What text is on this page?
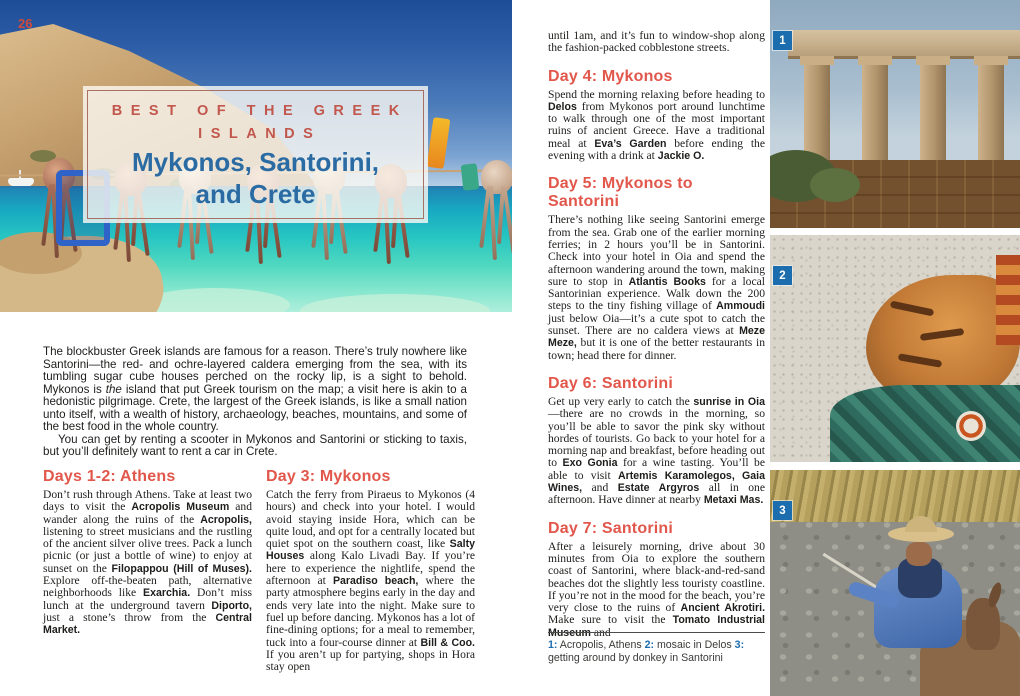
26
BEST OF THE GREEK
ISLANDS
Mykonos, Santorini,
and Crete

The blockbuster Greek islands are famous for a reason. There’s truly nowhere like Santorini—the red- and ochre-layered caldera emerging from the sea, with its tumbling sugar cube houses perched on the rocky lip, is a sight to behold. Mykonos is the island that put Greek tourism on the map; a visit here is akin to a hedonistic pilgrimage. Crete, the largest of the Greek islands, is like a small nation unto itself, with a wealth of history, archaeology, beaches, mountains, and some of the best food in the whole country.

You can get by renting a scooter in Mykonos and Santorini or sticking to taxis, but you’ll definitely want to rent a car in Crete.

Days 1-2: Athens

Don’t rush through Athens. Take at least two days to visit the Acropolis Museum and wander along the ruins of the Acropolis, listening to street musicians and the rustling of the ancient silver olive trees. Pack a lunch picnic (or just a bottle of wine) to enjoy at sunset on the Filopappou (Hill of Muses). Explore off-the-beaten path, alternative neighborhoods like Exarchia. Don’t miss lunch at the underground tavern Diporto, just a stone’s throw from the Central Market.

Day 3: Mykonos

Catch the ferry from Piraeus to Mykonos (4 hours) and check into your hotel. I would avoid staying inside Hora, which can be quite loud, and opt for a centrally located but quiet spot on the southern coast, like Salty Houses along Kalo Livadi Bay. If you’re here to experience the nightlife, spend the afternoon at Paradiso beach, where the party atmosphere begins early in the day and ends very late into the night. Make sure to fuel up before dancing. Mykonos has a lot of fine-dining options; for a meal to remember, tuck into a four-course dinner at Bill & Coo. If you aren’t up for partying, shops in Hora stay open

until 1am, and it’s fun to window-shop along the fashion-packed cobblestone streets.

Day 4: Mykonos

Spend the morning relaxing before heading to Delos from Mykonos port around lunchtime to walk through one of the most important ruins of ancient Greece. Have a traditional meal at Eva’s Garden before ending the evening with a drink at Jackie O.

Day 5: Mykonos to Santorini

There’s nothing like seeing Santorini emerge from the sea. Grab one of the earlier morning ferries; in 2 hours you’ll be in Santorini. Check into your hotel in Oia and spend the afternoon wandering around the town, making sure to stop in Atlantis Books for a local Santorinian experience. Walk down the 200 steps to the tiny fishing village of Ammoudi just below Oia—it’s a cute spot to catch the sunset. There are no caldera views at Meze Meze, but it is one of the better restaurants in town; head there for dinner.

Day 6: Santorini

Get up very early to catch the sunrise in Oia—there are no crowds in the morning, so you’ll be able to savor the pink sky without hordes of tourists. Go back to your hotel for a morning nap and breakfast, before heading out to Exo Gonia for a wine tasting. You’ll be able to visit Artemis Karamolegos, Gaia Wines, and Estate Argyros all in one afternoon. Have dinner at nearby Metaxi Mas.

Day 7: Santorini

After a leisurely morning, drive about 30 minutes from Oia to explore the southern coast of Santorini, where black-and-red-sand beaches dot the slightly less touristy coastline. If you’re not in the mood for the beach, you’re very close to the ruins of Ancient Akrotiri. Make sure to visit the Tomato Industrial Museum and

1: Acropolis, Athens 2: mosaic in Delos 3: getting around by donkey in Santorini
1
2
3
